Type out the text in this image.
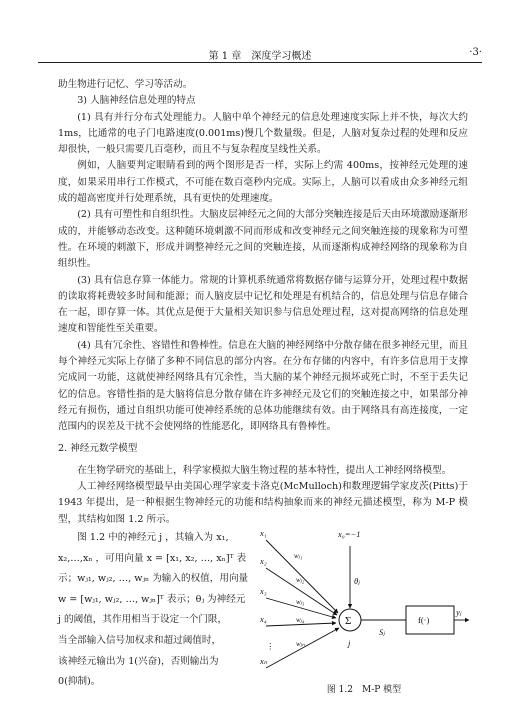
第 1 章　深度学习概述	·3·

助生物进行记忆、学习等活动。

3) 人脑神经信息处理的特点

(1) 具有并行分布式处理能力。人脑中单个神经元的信息处理速度实际上并不快，每次大约 1ms，比通常的电子门电路速度(0.001ms)慢几个数量级。但是，人脑对复杂过程的处理和反应却很快，一般只需要几百毫秒，而且不与复杂程度呈线性关系。

例如，人脑要判定眼睛看到的两个图形是否一样，实际上约需 400ms，按神经元处理的速度，如果采用串行工作模式，不可能在数百毫秒内完成。实际上，人脑可以看成由众多神经元组成的超高密度并行处理系统，具有更快的处理速度。

(2) 具有可塑性和自组织性。大脑皮层神经元之间的大部分突触连接是后天由环境激励逐渐形成的，并能够动态改变。这种随环境刺激不同而形成和改变神经元之间突触连接的现象称为可塑性。在环境的刺激下，形成并调整神经元之间的突触连接，从而逐渐构成神经网络的现象称为自组织性。

(3) 具有信息存算一体能力。常规的计算机系统通常将数据存储与运算分开，处理过程中数据的读取将耗费较多时间和能源；而人脑皮层中记忆和处理是有机结合的，信息处理与信息存储合在一起，即存算一体。其优点是便于大量相关知识参与信息处理过程，这对提高网络的信息处理速度和智能性至关重要。

(4) 具有冗余性、容错性和鲁棒性。信息在大脑的神经网络中分散存储在很多神经元里，而且每个神经元实际上存储了多种不同信息的部分内容。在分布存储的内容中，有许多信息用于支撑完成同一功能，这就使神经网络具有冗余性，当大脑的某个神经元损坏或死亡时，不至于丢失记忆的信息。容错性指的是大脑将信息分散存储在许多神经元及它们的突触连接之中，如果部分神经元有损伤，通过自组织功能可使神经系统的总体功能继续有效。由于网络具有高连接度，一定范围内的误差及干扰不会使网络的性能恶化，即网络具有鲁棒性。

2. 神经元数学模型

在生物学研究的基础上，科学家模拟大脑生物过程的基本特性，提出人工神经网络模型。

人工神经网络模型最早由美国心理学家麦卡洛克(McMulloch)和数理逻辑学家皮茨(Pitts)于 1943 年提出，是一种根据生物神经元的功能和结构抽象而来的神经元描述模型，称为 M-P 模型，其结构如图 1.2 所示。

图 1.2 中的神经元 j ，其输入为 x₁,

x₂,…,xₙ ，可用向量 x = [x₁, x₂, …, xₙ]ᵀ 表

示；wⱼ₁, wⱼ₂, …, wⱼₙ 为输入的权值，用向量

w = [wⱼ₁, wⱼ₂, …, wⱼₙ]ᵀ 表示；θⱼ 为神经元

j 的阈值，其作用相当于设定一个门限，

当全部输入信号加权求和超过阈值时，

该神经元输出为 1(兴奋)，否则输出为

0(抑制)。

x₁
x₂
x₃
x₄
⋮
xₙ
wⱼ₁
wⱼ₂
wⱼ₃
wⱼ₄
wⱼₙ
x₀=−1
θⱼ
Σ
j
Sⱼ
f(·)
yⱼ
图 1.2　M-P 模型
